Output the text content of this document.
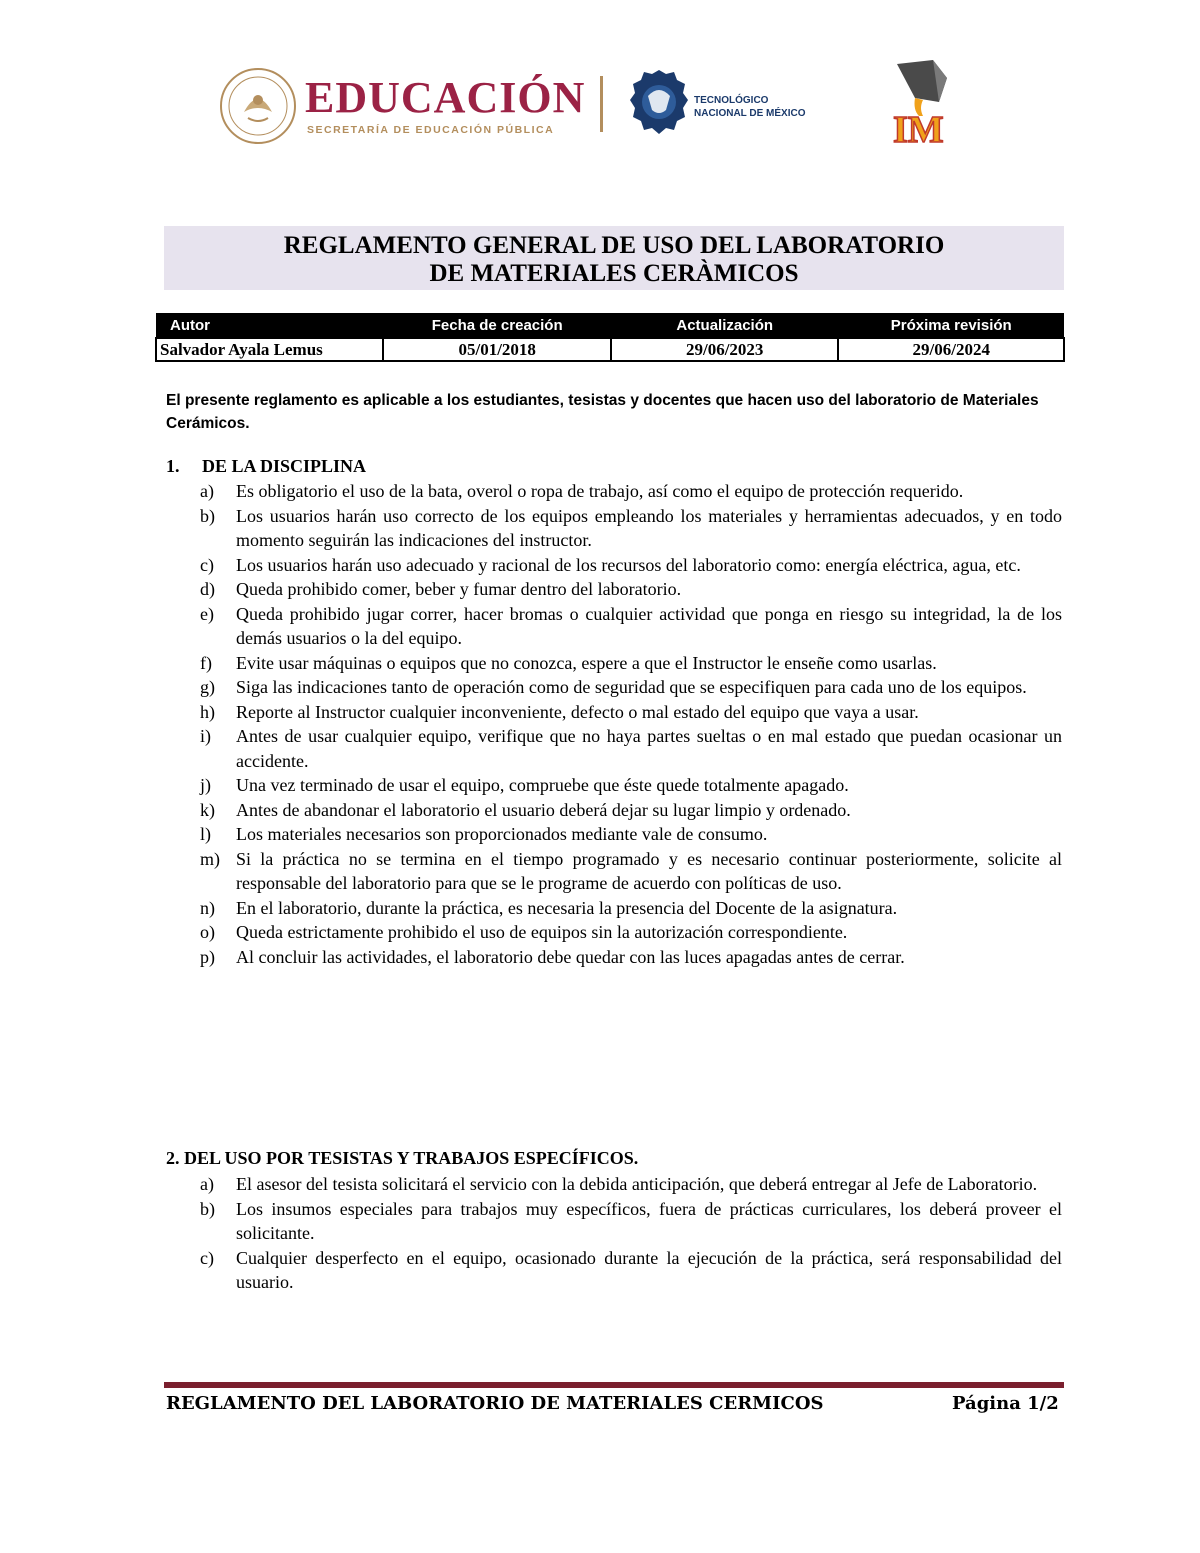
EDUCACIÓN
SECRETARÍA DE EDUCACIÓN PÚBLICA
TECNOLÓGICO
NACIONAL DE MÉXICO IM
REGLAMENTO GENERAL DE USO DEL LABORATORIO
DE MATERIALES CERÀMICOS
Autor	Fecha de creación	Actualización	Próxima revisión
Salvador Ayala Lemus	05/01/2018	29/06/2023	29/06/2024
El presente reglamento es aplicable a los estudiantes, tesistas y docentes que hacen uso del laboratorio de Materiales Cerámicos.
1. DE LA DISCIPLINA
a) Es obligatorio el uso de la bata, overol o ropa de trabajo, así como el equipo de protección requerido.
b) Los usuarios harán uso correcto de los equipos empleando los materiales y herramientas adecuados, y en todo momento seguirán las indicaciones del instructor.
c) Los usuarios harán uso adecuado y racional de los recursos del laboratorio como: energía eléctrica, agua, etc.
d) Queda prohibido comer, beber y fumar dentro del laboratorio.
e) Queda prohibido jugar correr, hacer bromas o cualquier actividad que ponga en riesgo su integridad, la de los demás usuarios o la del equipo.
f) Evite usar máquinas o equipos que no conozca, espere a que el Instructor le enseñe como usarlas.
g) Siga las indicaciones tanto de operación como de seguridad que se especifiquen para cada uno de los equipos.
h) Reporte al Instructor cualquier inconveniente, defecto o mal estado del equipo que vaya a usar.
i) Antes de usar cualquier equipo, verifique que no haya partes sueltas o en mal estado que puedan ocasionar un accidente.
j) Una vez terminado de usar el equipo, compruebe que éste quede totalmente apagado.
k) Antes de abandonar el laboratorio el usuario deberá dejar su lugar limpio y ordenado.
l) Los materiales necesarios son proporcionados mediante vale de consumo.
m) Si la práctica no se termina en el tiempo programado y es necesario continuar posteriormente, solicite al responsable del laboratorio para que se le programe de acuerdo con políticas de uso.
n) En el laboratorio, durante la práctica, es necesaria la presencia del Docente de la asignatura.
o) Queda estrictamente prohibido el uso de equipos sin la autorización correspondiente.
p) Al concluir las actividades, el laboratorio debe quedar con las luces apagadas antes de cerrar.
2. DEL USO POR TESISTAS Y TRABAJOS ESPECÍFICOS.
a) El asesor del tesista solicitará el servicio con la debida anticipación, que deberá entregar al Jefe de Laboratorio.
b) Los insumos especiales para trabajos muy específicos, fuera de prácticas curriculares, los deberá proveer el solicitante.
c) Cualquier desperfecto en el equipo, ocasionado durante la ejecución de la práctica, será responsabilidad del usuario.
REGLAMENTO DEL LABORATORIO DE MATERIALES CERMICOS	Página 1/2
